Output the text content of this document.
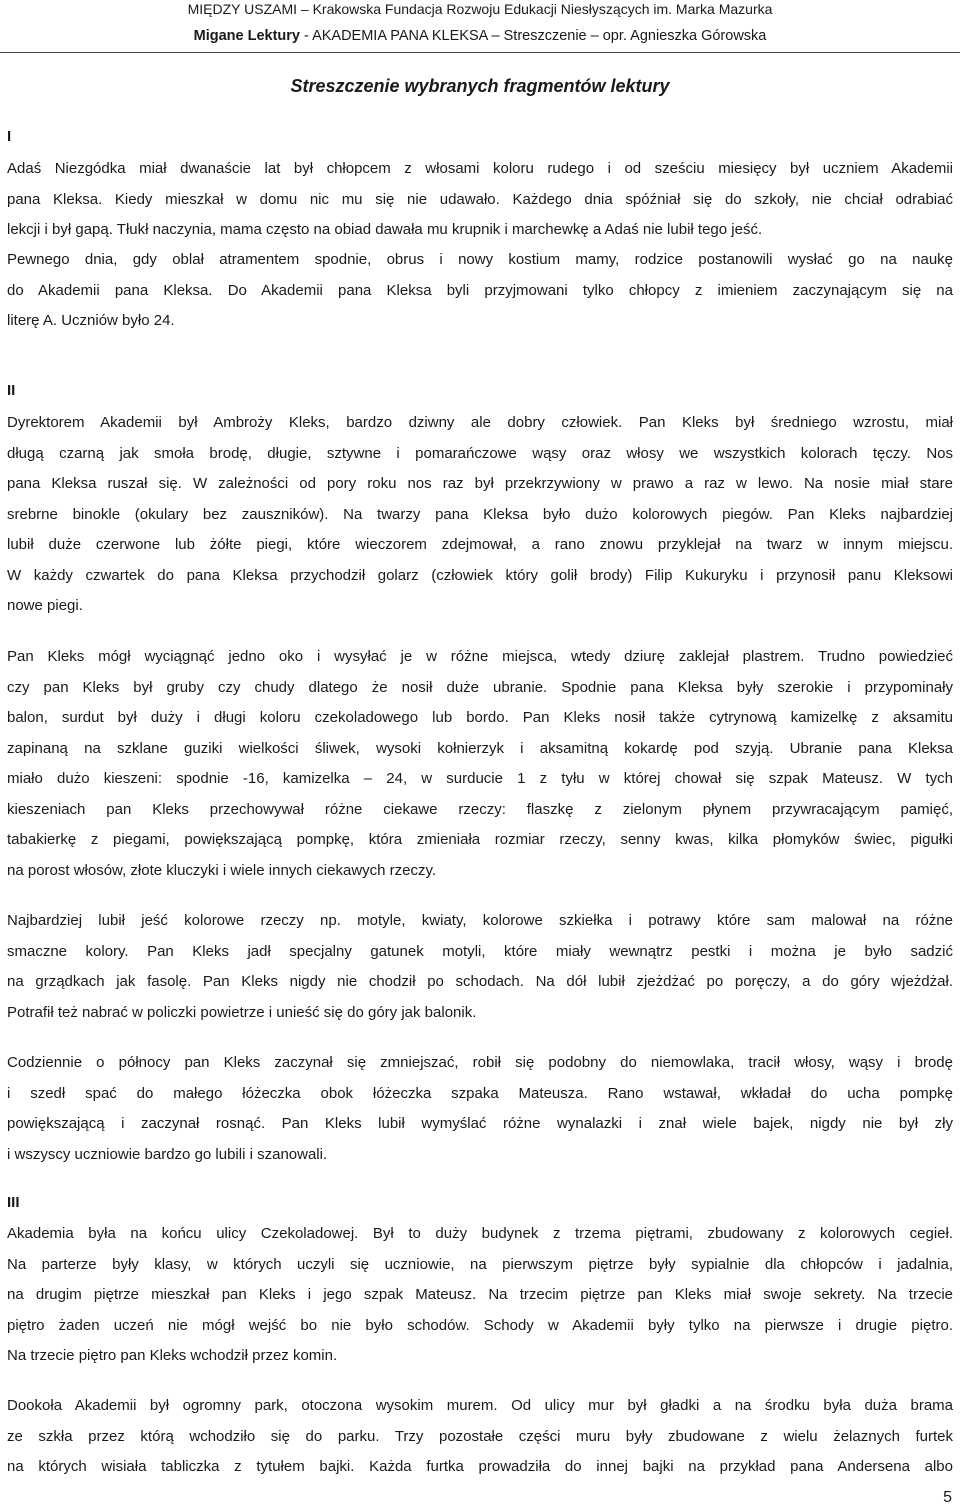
MIĘDZY USZAMI – Krakowska Fundacja Rozwoju Edukacji Niesłyszących im. Marka Mazurka
Migane Lektury - AKADEMIA PANA KLEKSA – Streszczenie – opr. Agnieszka Górowska
Streszczenie wybranych fragmentów lektury
I
Adaś Niezgódka miał dwanaście lat był chłopcem z włosami koloru rudego i od sześciu miesięcy był uczniem Akademii
pana Kleksa. Kiedy mieszkał w domu nic mu się nie udawało. Każdego dnia spóźniał się do szkoły, nie chciał odrabiać
lekcji i był gapą. Tłukł naczynia, mama często na obiad dawała mu krupnik i marchewkę a Adaś nie lubił tego jeść.
Pewnego dnia, gdy oblał atramentem spodnie, obrus i nowy kostium mamy, rodzice postanowili wysłać go na naukę
do Akademii pana Kleksa. Do Akademii pana Kleksa byli przyjmowani tylko chłopcy z imieniem zaczynającym się na
literę A. Uczniów było 24.
II
Dyrektorem Akademii był Ambroży Kleks, bardzo dziwny ale dobry człowiek. Pan Kleks był średniego wzrostu, miał
długą czarną jak smoła brodę, długie, sztywne i pomarańczowe wąsy oraz włosy we wszystkich kolorach tęczy. Nos
pana Kleksa ruszał się. W zależności od pory roku nos raz był przekrzywiony w prawo a raz w lewo. Na nosie miał stare
srebrne binokle (okulary bez zauszników). Na twarzy pana Kleksa było dużo kolorowych piegów. Pan Kleks najbardziej
lubił duże czerwone lub żółte piegi, które wieczorem zdejmował, a rano znowu przyklejał na twarz w innym miejscu.
W każdy czwartek do pana Kleksa przychodził golarz (człowiek który golił brody) Filip Kukuryku i przynosił panu Kleksowi
nowe piegi.
Pan Kleks mógł wyciągnąć jedno oko i wysyłać je w różne miejsca, wtedy dziurę zaklejał plastrem. Trudno powiedzieć
czy pan Kleks był gruby czy chudy dlatego że nosił duże ubranie. Spodnie pana Kleksa były szerokie i przypominały
balon, surdut był duży i długi koloru czekoladowego lub bordo. Pan Kleks nosił także cytrynową kamizelkę z aksamitu
zapinaną na szklane guziki wielkości śliwek, wysoki kołnierzyk i aksamitną kokardę pod szyją. Ubranie pana Kleksa
miało dużo kieszeni: spodnie -16, kamizelka – 24, w surducie 1 z tyłu w której chował się szpak Mateusz. W tych
kieszeniach pan Kleks przechowywał różne ciekawe rzeczy: flaszkę z zielonym płynem przywracającym pamięć,
tabakierkę z piegami, powiększającą pompkę, która zmieniała rozmiar rzeczy, senny kwas, kilka płomyków świec, pigułki
na porost włosów, złote kluczyki i wiele innych ciekawych rzeczy.
Najbardziej lubił jeść kolorowe rzeczy np. motyle, kwiaty, kolorowe szkiełka i potrawy które sam malował na różne
smaczne kolory. Pan Kleks jadł specjalny gatunek motyli, które miały wewnątrz pestki i można je było sadzić
na grządkach jak fasolę. Pan Kleks nigdy nie chodził po schodach. Na dół lubił zjeżdżać po poręczy, a do góry wjeżdżał.
Potrafił też nabrać w policzki powietrze i unieść się do góry jak balonik.
Codziennie o północy pan Kleks zaczynał się zmniejszać, robił się podobny do niemowlaka, tracił włosy, wąsy i brodę
i szedł spać do małego łóżeczka obok łóżeczka szpaka Mateusza. Rano wstawał, wkładał do ucha pompkę
powiększającą i zaczynał rosnąć. Pan Kleks lubił wymyślać różne wynalazki i znał wiele bajek, nigdy nie był zły
i wszyscy uczniowie bardzo go lubili i szanowali.
III
Akademia była na końcu ulicy Czekoladowej. Był to duży budynek z trzema piętrami, zbudowany z kolorowych cegieł.
Na parterze były klasy, w których uczyli się uczniowie, na pierwszym piętrze były sypialnie dla chłopców i jadalnia,
na drugim piętrze mieszkał pan Kleks i jego szpak Mateusz. Na trzecim piętrze pan Kleks miał swoje sekrety. Na trzecie
piętro żaden uczeń nie mógł wejść bo nie było schodów. Schody w Akademii były tylko na pierwsze i drugie piętro.
Na trzecie piętro pan Kleks wchodził przez komin.
Dookoła Akademii był ogromny park, otoczona wysokim murem. Od ulicy mur był gładki a na środku była duża brama
ze szkła przez którą wchodziło się do parku. Trzy pozostałe części muru były zbudowane z wielu żelaznych furtek
na których wisiała tabliczka z tytułem bajki. Każda furtka prowadziła do innej bajki na przykład pana Andersena albo
5
